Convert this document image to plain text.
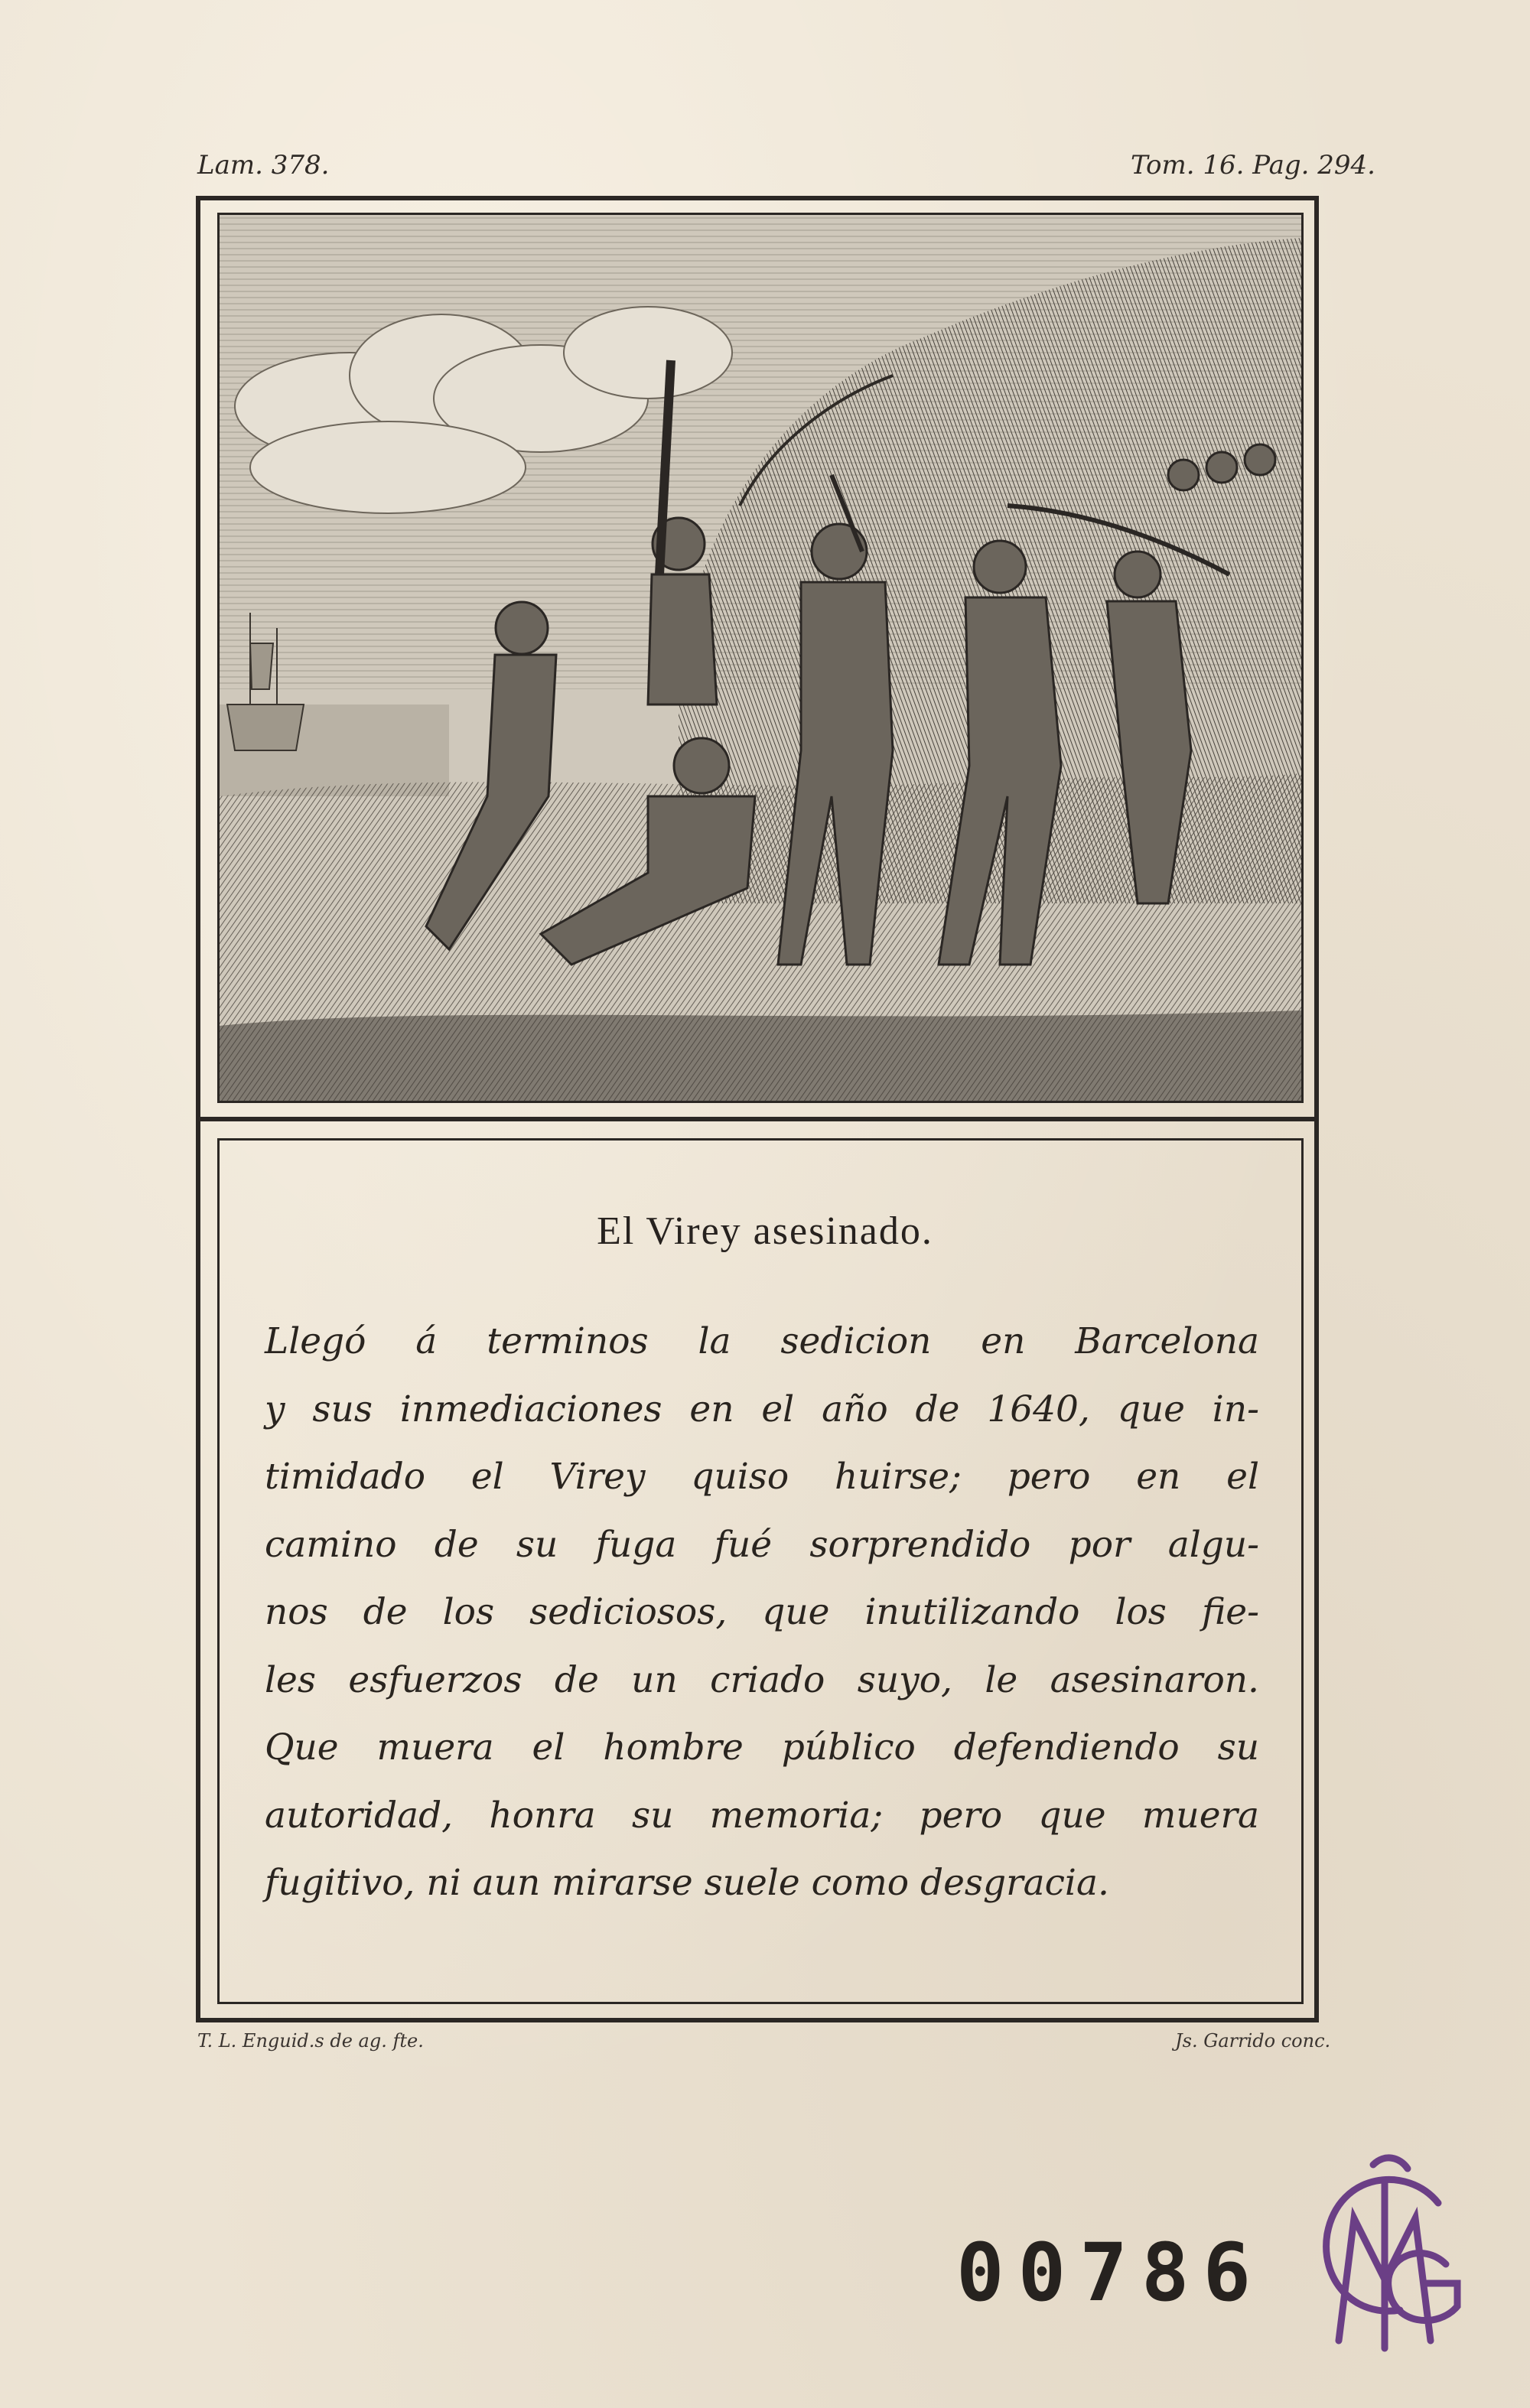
Lam. 378.	Tom. 16. Pag. 294.
El Virey asesinado.
Llegó á terminos la sedicion en Barcelona
y sus inmediaciones en el año de 1640, que in-
timidado el Virey quiso huirse; pero en el
camino de su fuga fué sorprendido por algu-
nos de los sediciosos, que inutilizando los fie-
les esfuerzos de un criado suyo, le asesinaron.
Que muera el hombre público defendiendo su
autoridad, honra su memoria; pero que muera
fugitivo, ni aun mirarse suele como desgracia.
T. L. Enguid.s de ag. fte.	Js. Garrido conc.
00786
